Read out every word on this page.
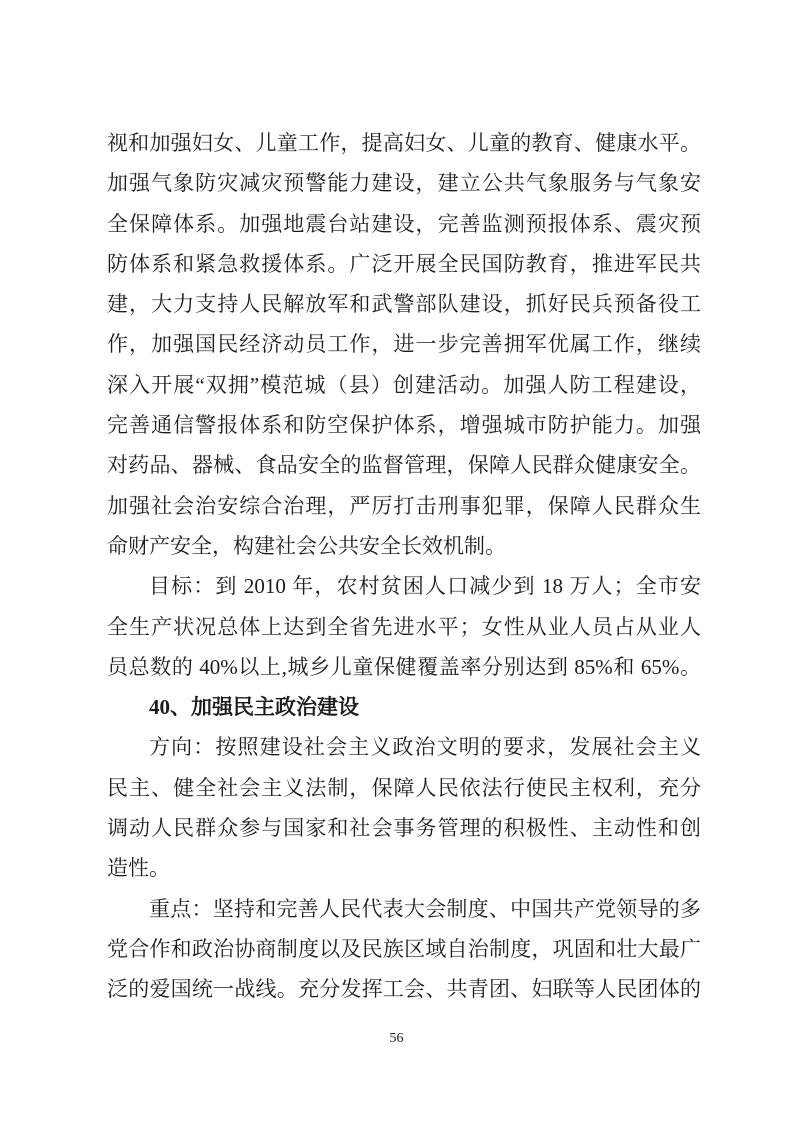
视和加强妇女、儿童工作，提高妇女、儿童的教育、健康水平。
加强气象防灾减灾预警能力建设，建立公共气象服务与气象安
全保障体系。加强地震台站建设，完善监测预报体系、震灾预
防体系和紧急救援体系。广泛开展全民国防教育，推进军民共
建，大力支持人民解放军和武警部队建设，抓好民兵预备役工
作，加强国民经济动员工作，进一步完善拥军优属工作，继续
深入开展“双拥”模范城（县）创建活动。加强人防工程建设，
完善通信警报体系和防空保护体系，增强城市防护能力。加强
对药品、器械、食品安全的监督管理，保障人民群众健康安全。
加强社会治安综合治理，严厉打击刑事犯罪，保障人民群众生
命财产安全，构建社会公共安全长效机制。
目标：到 2010 年，农村贫困人口减少到 18 万人；全市安
全生产状况总体上达到全省先进水平；女性从业人员占从业人
员总数的 40%以上,城乡儿童保健覆盖率分别达到 85%和 65%。
40、加强民主政治建设
方向：按照建设社会主义政治文明的要求，发展社会主义
民主、健全社会主义法制，保障人民依法行使民主权利，充分
调动人民群众参与国家和社会事务管理的积极性、主动性和创
造性。
重点：坚持和完善人民代表大会制度、中国共产党领导的多
党合作和政治协商制度以及民族区域自治制度，巩固和壮大最广
泛的爱国统一战线。充分发挥工会、共青团、妇联等人民团体的
56
